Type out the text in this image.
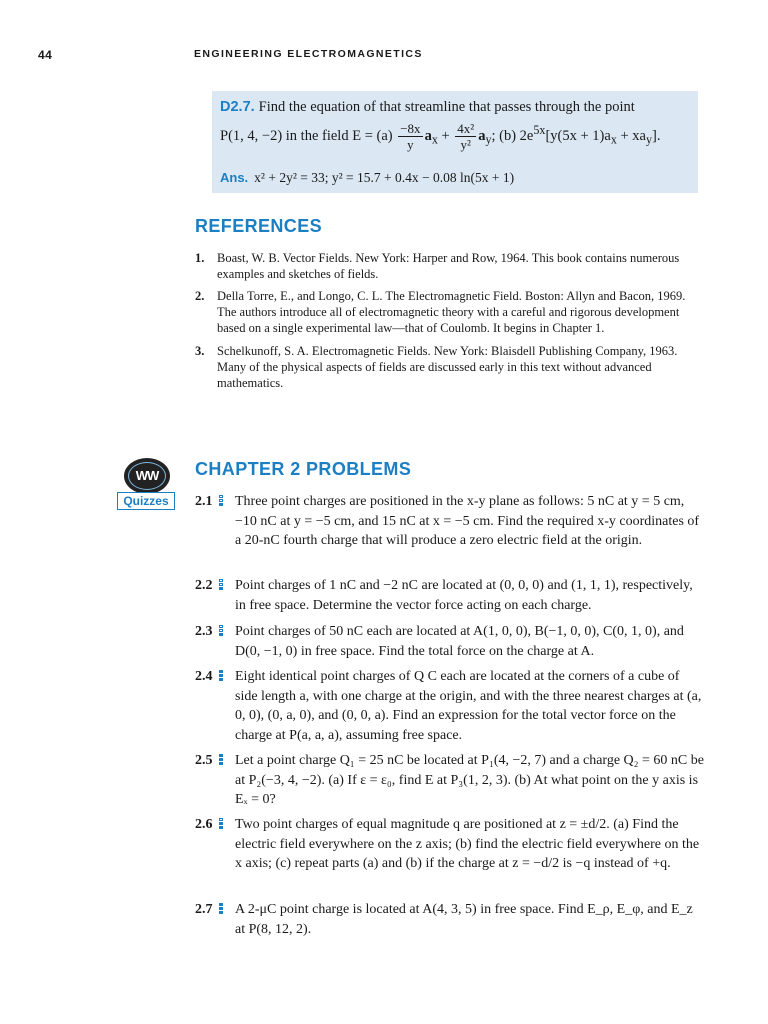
44	ENGINEERING ELECTROMAGNETICS
D2.7. Find the equation of that streamline that passes through the point
P(1, 4, −2) in the field $E = (a) \frac{-8x}{y} a_x + \frac{\text{4x²}}{\text{y²}} a_y$; (b) $2e^{5x}[y(5x + 1)a_x + xa_y]$.
Ans. x² + 2y² = 33; y² = 15.7 + 0.4x − 0.08 ln(5x + 1)
REFERENCES
1. Boast, W. B. Vector Fields. New York: Harper and Row, 1964. This book contains numerous examples and sketches of fields.
2. Della Torre, E., and Longo, C. L. The Electromagnetic Field. Boston: Allyn and Bacon, 1969. The authors introduce all of electromagnetic theory with a careful and rigorous development based on a single experimental law—that of Coulomb. It begins in Chapter 1.
3. Schelkunoff, S. A. Electromagnetic Fields. New York: Blaisdell Publishing Company, 1963. Many of the physical aspects of fields are discussed early in this text without advanced mathematics.
WW
Quizzes
CHAPTER 2 PROBLEMS
2.1 Three point charges are positioned in the x-y plane as follows: 5 nC at y = 5 cm, −10 nC at y = −5 cm, and 15 nC at x = −5 cm. Find the required x-y coordinates of a 20-nC fourth charge that will produce a zero electric field at the origin.
2.2 Point charges of 1 nC and −2 nC are located at (0, 0, 0) and (1, 1, 1), respectively, in free space. Determine the vector force acting on each charge.
2.3 Point charges of 50 nC each are located at A(1, 0, 0), B(−1, 0, 0), C(0, 1, 0), and D(0, −1, 0) in free space. Find the total force on the charge at A.
2.4 Eight identical point charges of Q C each are located at the corners of a cube of side length a, with one charge at the origin, and with the three nearest charges at (a, 0, 0), (0, a, 0), and (0, 0, a). Find an expression for the total vector force on the charge at P(a, a, a), assuming free space.
2.5 Let a point charge Q₁ = 25 nC be located at P₁(4, −2, 7) and a charge Q₂ = 60 nC be at P₂(−3, 4, −2). (a) If ε = ε₀, find E at P₃(1, 2, 3). (b) At what point on the y axis is Eₓ = 0?
2.6 Two point charges of equal magnitude q are positioned at z = ±d/2. (a) Find the electric field everywhere on the z axis; (b) find the electric field everywhere on the x axis; (c) repeat parts (a) and (b) if the charge at z = −d/2 is −q instead of +q.
2.7 A 2-μC point charge is located at A(4, 3, 5) in free space. Find E_ρ, E_φ, and E_z at P(8, 12, 2).
